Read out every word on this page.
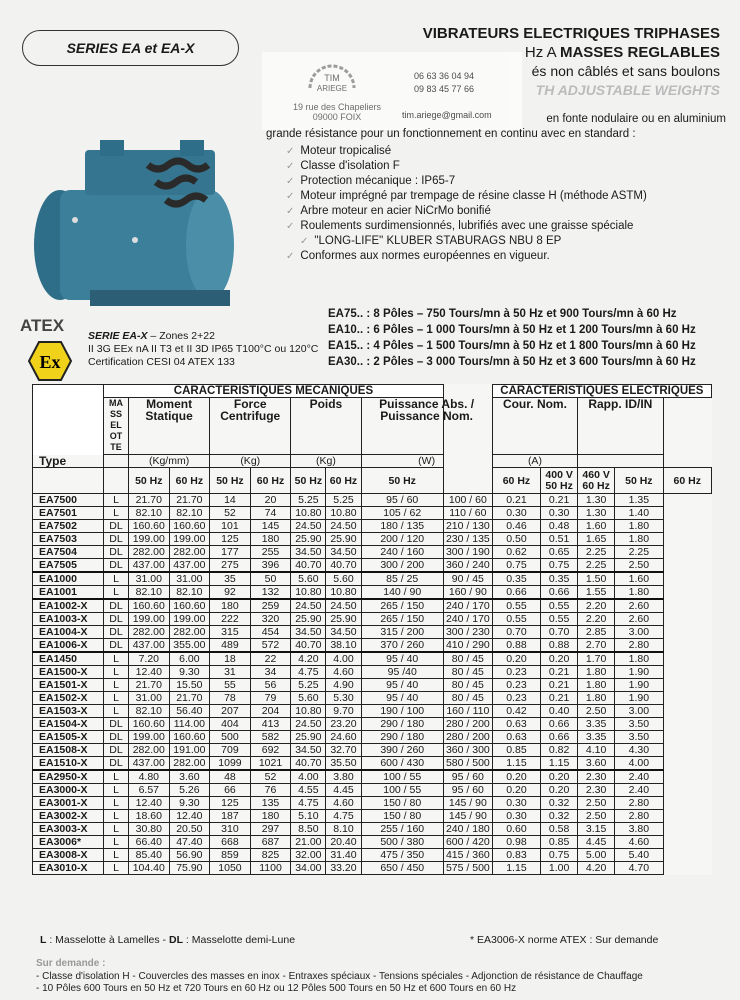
SERIES EA et EA-X
VIBRATEURS ELECTRIQUES TRIPHASES
Hz A MASSES REGLABLES
és non câblés et sans boulons
TH ADJUSTABLE WEIGHTS
TIM
ARIEGE
19 rue des Chapeliers
09000 FOIX
06 63 36 04 94
09 83 45 77 66
tim.ariege@gmail.com	en fonte nodulaire ou en aluminium
grande résistance pour un fonctionnement en continu avec en standard :
✓ Moteur tropicalisé
✓ Classe d'isolation F
✓ Protection mécanique : IP65-7
✓ Moteur imprégné par trempage de résine classe H (méthode ASTM)
✓ Arbre moteur en acier NiCrMo bonifié
✓ Roulements surdimensionnés, lubrifiés avec une graisse spéciale
✓ "LONG-LIFE" KLUBER STABURAGS NBU 8 EP
✓ Conformes aux normes européennes en vigueur.
EA75.. : 8 Pôles – 750 Tours/mn à 50 Hz et 900 Tours/mn à 60 Hz
EA10.. : 6 Pôles – 1 000 Tours/mn à 50 Hz et 1 200 Tours/mn à 60 Hz
EA15.. : 4 Pôles – 1 500 Tours/mn à 50 Hz et 1 800 Tours/mn à 60 Hz
EA30.. : 2 Pôles – 3 000 Tours/mn à 50 Hz et 3 600 Tours/mn à 60 Hz
ATEX
Ex
SERIE EA-X – Zones 2+22
II 3G EEx nA II T3 et II 3D IP65 T100°C ou 120°C
Certification CESI 04 ATEX 133
	CARACTERISTIQUES MECANIQUES									CARACTERISTIQUES ELECTRIQUES				
	MA SS EL OT TE	Moment Statique		Force Centrifuge		Poids		Puissance Abs. / Puissance Nom.		Cour. Nom.		Rapp. ID/IN		

Type		(Kg/mm)		(Kg)		(Kg)		(W)		(A)				
		50 Hz	60 Hz	50 Hz	60 Hz	50 Hz	60 Hz	50 Hz		60 Hz	400 V 50 Hz	460 V 60 Hz	50 Hz	60 Hz
EA7500	L	21.70	21.70	14	20	5.25	5.25	95 / 60	100 / 60	0.21	0.21	1.30	1.35	
EA7501	L	82.10	82.10	52	74	10.80	10.80	105 / 62	110 / 60	0.30	0.30	1.30	1.40	
EA7502	DL	160.60	160.60	101	145	24.50	24.50	180 / 135	210 / 130	0.46	0.48	1.60	1.80	
EA7503	DL	199.00	199.00	125	180	25.90	25.90	200 / 120	230 / 135	0.50	0.51	1.65	1.80	
EA7504	DL	282.00	282.00	177	255	34.50	34.50	240 / 160	300 / 190	0.62	0.65	2.25	2.25	
EA7505	DL	437.00	437.00	275	396	40.70	40.70	300 / 200	360 / 240	0.75	0.75	2.25	2.50	
EA1000	L	31.00	31.00	35	50	5.60	5.60	85 / 25	90 / 45	0.35	0.35	1.50	1.60	
EA1001	L	82.10	82.10	92	132	10.80	10.80	140 / 90	160 / 90	0.66	0.66	1.55	1.80	
EA1002-X	DL	160.60	160.60	180	259	24.50	24.50	265 / 150	240 / 170	0.55	0.55	2.20	2.60	
EA1003-X	DL	199.00	199.00	222	320	25.90	25.90	265 / 150	240 / 170	0.55	0.55	2.20	2.60	
EA1004-X	DL	282.00	282.00	315	454	34.50	34.50	315 / 200	300 / 230	0.70	0.70	2.85	3.00	
EA1006-X	DL	437.00	355.00	489	572	40.70	38.10	370 / 260	410 / 290	0.88	0.88	2.70	2.80	
EA1450	L	7.20	6.00	18	22	4.20	4.00	95 / 40	80 / 45	0.20	0.20	1.70	1.80	
EA1500-X	L	12.40	9.30	31	34	4.75	4.60	95 /40	80 / 45	0.23	0.21	1.80	1.90	
EA1501-X	L	21.70	15.50	55	56	5.25	4.90	95 / 40	80 / 45	0.23	0.21	1.80	1.90	
EA1502-X	L	31.00	21.70	78	79	5.60	5.30	95 / 40	80 / 45	0.23	0.21	1.80	1.90	
EA1503-X	L	82.10	56.40	207	204	10.80	9.70	190 / 100	160 / 110	0.42	0.40	2.50	3.00	
EA1504-X	DL	160.60	114.00	404	413	24.50	23.20	290 / 180	280 / 200	0.63	0.66	3.35	3.50	
EA1505-X	DL	199.00	160.60	500	582	25.90	24.60	290 / 180	280 / 200	0.63	0.66	3.35	3.50	
EA1508-X	DL	282.00	191.00	709	692	34.50	32.70	390 / 260	360 / 300	0.85	0.82	4.10	4.30	
EA1510-X	DL	437.00	282.00	1099	1021	40.70	35.50	600 / 430	580 / 500	1.15	1.15	3.60	4.00	
EA2950-X	L	4.80	3.60	48	52	4.00	3.80	100 / 55	95 / 60	0.20	0.20	2.30	2.40	
EA3000-X	L	6.57	5.26	66	76	4.55	4.45	100 / 55	95 / 60	0.20	0.20	2.30	2.40	
EA3001-X	L	12.40	9.30	125	135	4.75	4.60	150 / 80	145 / 90	0.30	0.32	2.50	2.80	
EA3002-X	L	18.60	12.40	187	180	5.10	4.75	150 / 80	145 / 90	0.30	0.32	2.50	2.80	
EA3003-X	L	30.80	20.50	310	297	8.50	8.10	255 / 160	240 / 180	0.60	0.58	3.15	3.80	
EA3006*	L	66.40	47.40	668	687	21.00	20.40	500 / 380	600 / 420	0.98	0.85	4.45	4.60	
EA3008-X	L	85.40	56.90	859	825	32.00	31.40	475 / 350	415 / 360	0.83	0.75	5.00	5.40	
EA3010-X	L	104.40	75.90	1050	1100	34.00	33.20	650 / 450	575 / 500	1.15	1.00	4.20	4.70	
L : Masselotte à Lamelles - DL : Masselotte demi-Lune	* EA3006-X norme ATEX : Sur demande
Sur demande :
- Classe d'isolation H - Couvercles des masses en inox - Entraxes spéciaux - Tensions spéciales - Adjonction de résistance de Chauffage
- 10 Pôles 600 Tours en 50 Hz et 720 Tours en 60 Hz ou 12 Pôles 500 Tours en 50 Hz et 600 Tours en 60 Hz
